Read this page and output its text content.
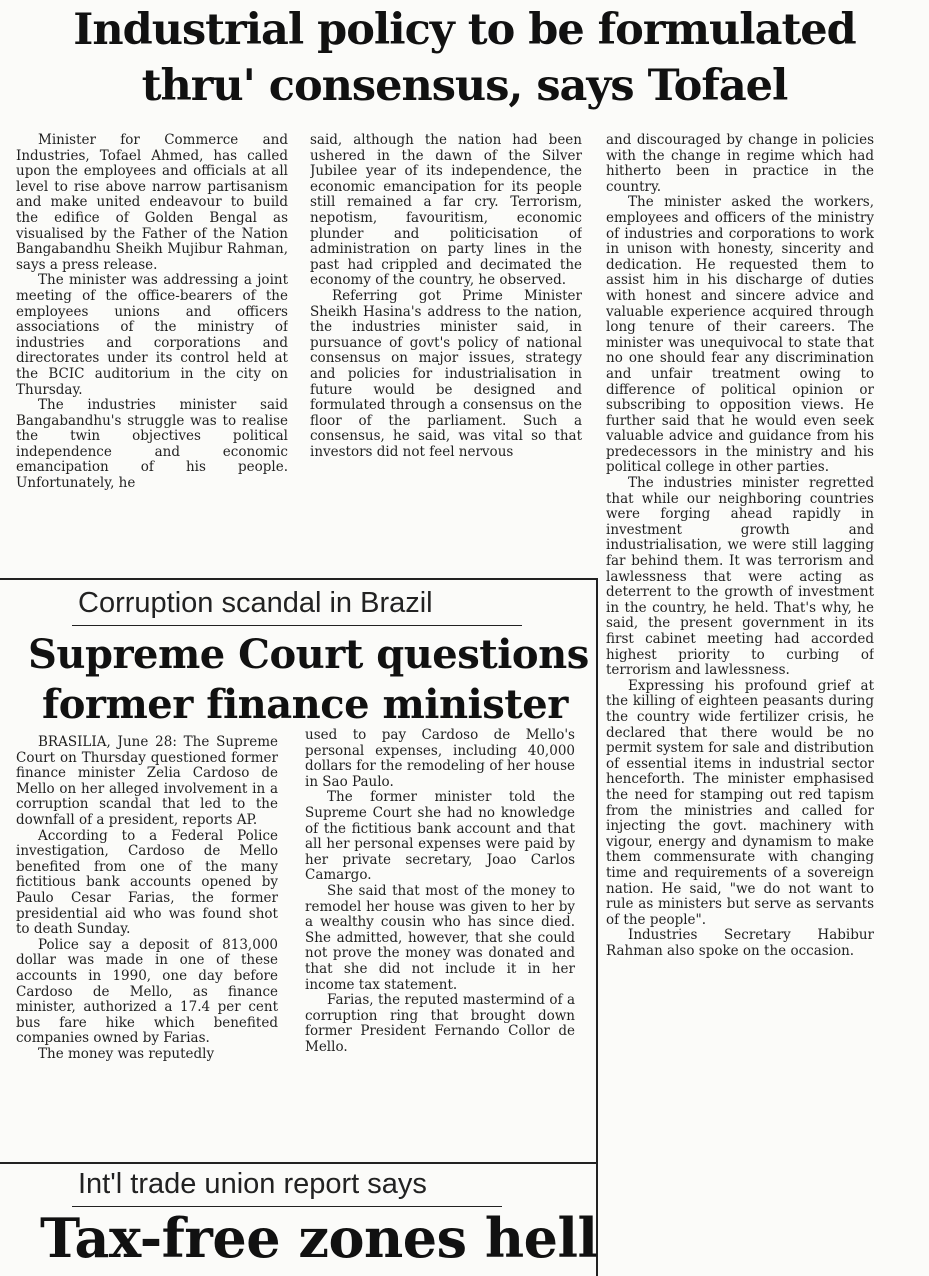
Industrial policy to be formulated
thru' consensus, says Tofael

Minister for Commerce and Industries, Tofael Ahmed, has called upon the employees and officials at all level to rise above narrow partisanism and make united endeavour to build the edifice of Golden Bengal as visualised by the Father of the Nation Bangabandhu Sheikh Mujibur Rahman, says a press release.

The minister was addressing a joint meeting of the office-bearers of the employees unions and officers associations of the ministry of industries and corporations and directorates under its control held at the BCIC auditorium in the city on Thursday.

The industries minister said Bangabandhu's struggle was to realise the twin objectives political independence and economic emancipation of his people. Unfortunately, he

said, although the nation had been ushered in the dawn of the Silver Jubilee year of its independence, the economic emancipation for its people still remained a far cry. Terrorism, nepotism, favouritism, economic plunder and politicisation of administration on party lines in the past had crippled and decimated the economy of the country, he observed.

Referring got Prime Minister Sheikh Hasina's address to the nation, the industries minister said, in pursuance of govt's policy of national consensus on major issues, strategy and policies for industrialisation in future would be designed and formulated through a consensus on the floor of the parliament. Such a consensus, he said, was vital so that investors did not feel nervous

and discouraged by change in policies with the change in regime which had hitherto been in practice in the country.

The minister asked the workers, employees and officers of the ministry of industries and corporations to work in unison with honesty, sincerity and dedication. He requested them to assist him in his discharge of duties with honest and sincere advice and valuable experience acquired through long tenure of their careers. The minister was unequivocal to state that no one should fear any discrimination and unfair treatment owing to difference of political opinion or subscribing to opposition views. He further said that he would even seek valuable advice and guidance from his predecessors in the ministry and his political college in other parties.

The industries minister regretted that while our neighboring countries were forging ahead rapidly in investment growth and industrialisation, we were still lagging far behind them. It was terrorism and lawlessness that were acting as deterrent to the growth of investment in the country, he held. That's why, he said, the present government in its first cabinet meeting had accorded highest priority to curbing of terrorism and lawlessness.

Expressing his profound grief at the killing of eighteen peasants during the country wide fertilizer crisis, he declared that there would be no permit system for sale and distribution of essential items in industrial sector henceforth. The minister emphasised the need for stamping out red tapism from the ministries and called for injecting the govt. machinery with vigour, energy and dynamism to make them commensurate with changing time and requirements of a sovereign nation. He said, "we do not want to rule as ministers but serve as servants of the people".

Industries Secretary Habibur Rahman also spoke on the occasion.

Corruption scandal in Brazil
Supreme Court questions
former finance minister

BRASILIA, June 28: The Supreme Court on Thursday questioned former finance minister Zelia Cardoso de Mello on her alleged involvement in a corruption scandal that led to the downfall of a president, reports AP.

According to a Federal Police investigation, Cardoso de Mello benefited from one of the many fictitious bank accounts opened by Paulo Cesar Farias, the former presidential aid who was found shot to death Sunday.

Police say a deposit of 813,000 dollar was made in one of these accounts in 1990, one day before Cardoso de Mello, as finance minister, authorized a 17.4 per cent bus fare hike which benefited companies owned by Farias.

The money was reputedly

used to pay Cardoso de Mello's personal expenses, including 40,000 dollars for the remodeling of her house in Sao Paulo.

The former minister told the Supreme Court she had no knowledge of the fictitious bank account and that all her personal expenses were paid by her private secretary, Joao Carlos Camargo.

She said that most of the money to remodel her house was given to her by a wealthy cousin who has since died. She admitted, however, that she could not prove the money was donated and that she did not include it in her income tax statement.

Farias, the reputed mastermind of a corruption ring that brought down former President Fernando Collor de Mello.

Int'l trade union report says
Tax-free zones hell
